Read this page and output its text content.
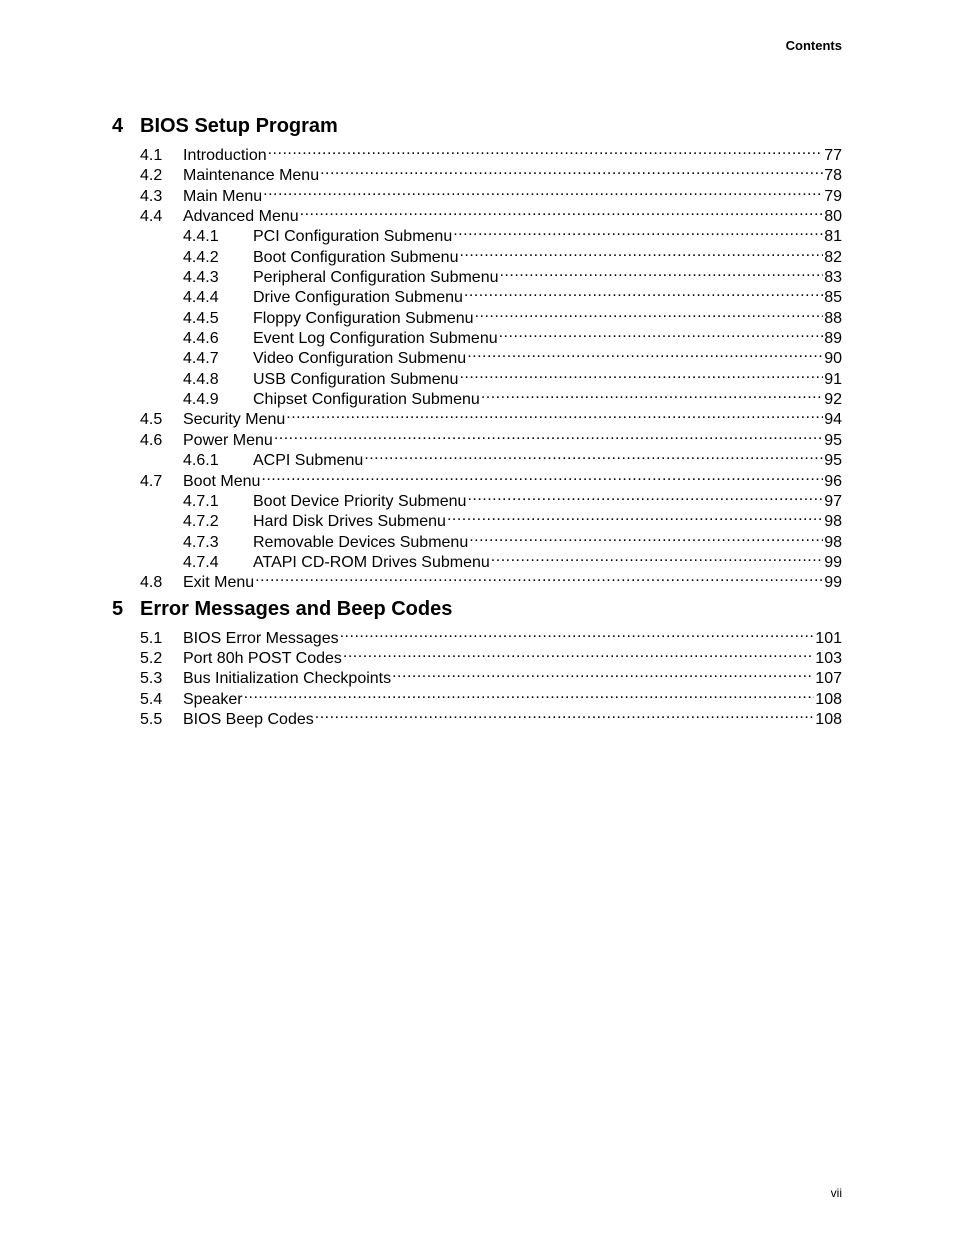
Contents
4 BIOS Setup Program
4.1	Introduction .....	77
4.2	Maintenance Menu .....	78
4.3	Main Menu .....	79
4.4	Advanced Menu .....	80
4.4.1	PCI Configuration Submenu .....	81
4.4.2	Boot Configuration Submenu .....	82
4.4.3	Peripheral Configuration Submenu .....	83
4.4.4	Drive Configuration Submenu .....	85
4.4.5	Floppy Configuration Submenu .....	88
4.4.6	Event Log Configuration Submenu .....	89
4.4.7	Video Configuration Submenu .....	90
4.4.8	USB Configuration Submenu .....	91
4.4.9	Chipset Configuration Submenu .....	92
4.5	Security Menu .....	94
4.6	Power Menu .....	95
4.6.1	ACPI Submenu .....	95
4.7	Boot Menu .....	96
4.7.1	Boot Device Priority Submenu .....	97
4.7.2	Hard Disk Drives Submenu .....	98
4.7.3	Removable Devices Submenu .....	98
4.7.4	ATAPI CD-ROM Drives Submenu .....	99
4.8	Exit Menu .....	99
5 Error Messages and Beep Codes
5.1	BIOS Error Messages .....	101
5.2	Port 80h POST Codes .....	103
5.3	Bus Initialization Checkpoints .....	107
5.4	Speaker .....	108
5.5	BIOS Beep Codes .....	108
vii
